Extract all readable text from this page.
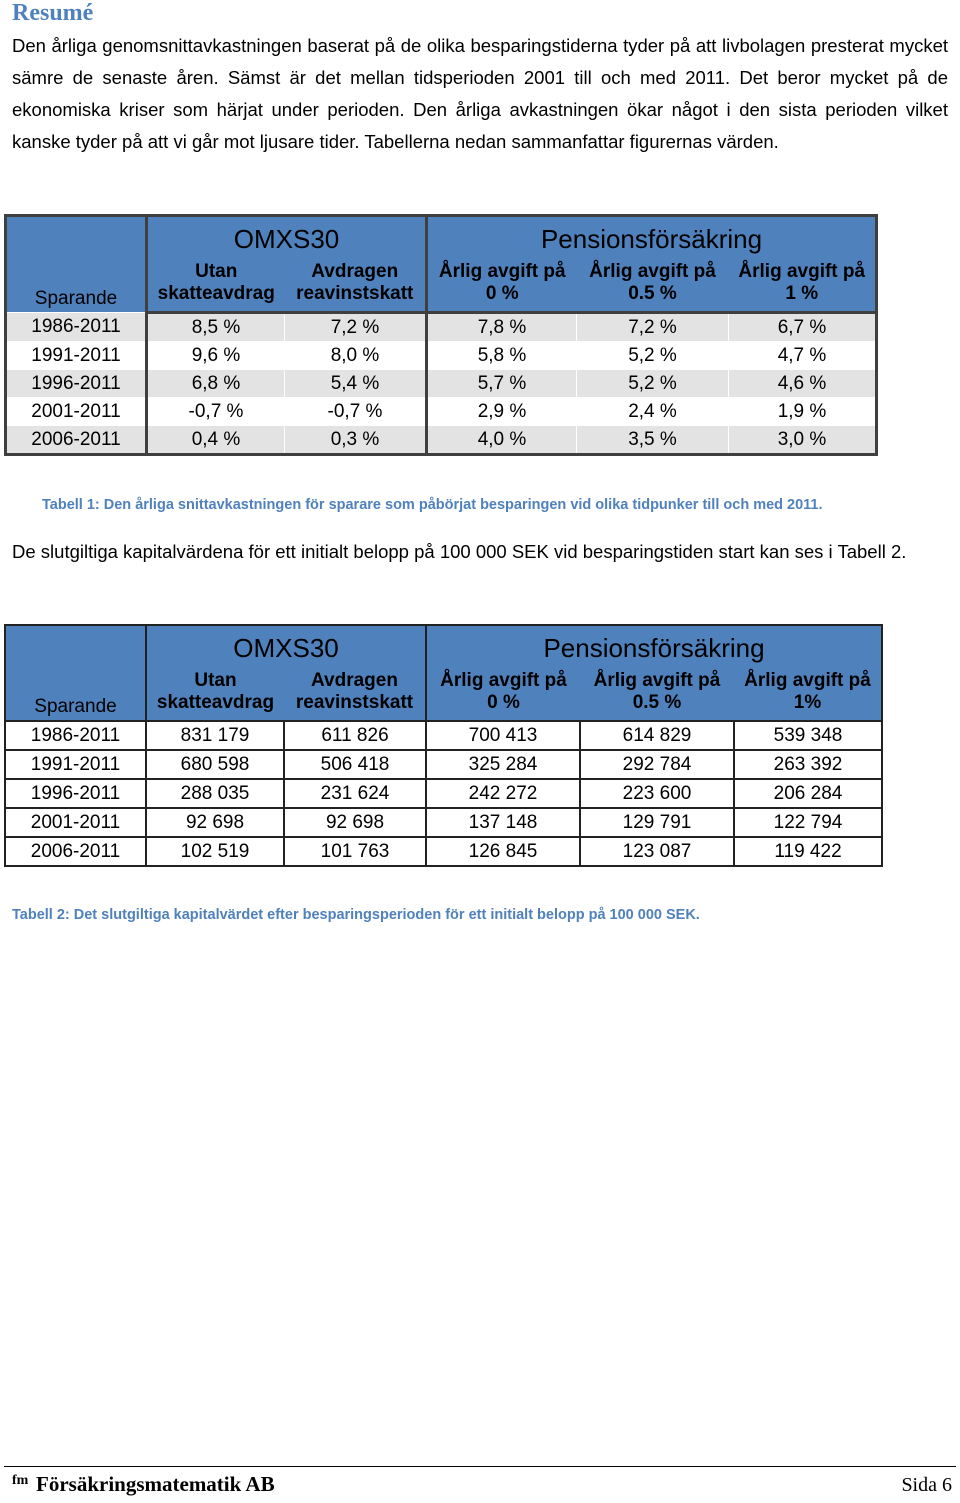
Resumé

Den årliga genomsnittavkastningen baserat på de olika besparingstiderna tyder på att livbolagen presterat mycket sämre de senaste åren. Sämst är det mellan tidsperioden 2001 till och med 2011. Det beror mycket på de ekonomiska kriser som härjat under perioden. Den årliga avkastningen ökar något i den sista perioden vilket kanske tyder på att vi går mot ljusare tider. Tabellerna nedan sammanfattar figurernas värden.

Sparande	OMXS30		Pensionsförsäkring		
	Utan	Avdragen	Årlig avgift på	Årlig avgift på	Årlig avgift på
	skatteavdrag	reavinstskatt	0 %	0.5 %	1 %
1986-2011	8,5 %	7,2 %	7,8 %	7,2 %	6,7 %
1991-2011	9,6 %	8,0 %	5,8 %	5,2 %	4,7 %
1996-2011	6,8 %	5,4 %	5,7 %	5,2 %	4,6 %
2001-2011	-0,7 %	-0,7 %	2,9 %	2,4 %	1,9 %
2006-2011	0,4 %	0,3 %	4,0 %	3,5 %	3,0 %
Tabell 1: Den årliga snittavkastningen för sparare som påbörjat besparingen vid olika tidpunker till och med 2011.

De slutgiltiga kapitalvärdena för ett initialt belopp på 100 000 SEK vid besparingstiden start kan ses i Tabell 2.

Sparande	OMXS30		Pensionsförsäkring		
	Utan	Avdragen	Årlig avgift på	Årlig avgift på	Årlig avgift på
	skatteavdrag	reavinstskatt	0 %	0.5 %	1%
1986-2011	831 179	611 826	700 413	614 829	539 348
1991-2011	680 598	506 418	325 284	292 784	263 392
1996-2011	288 035	231 624	242 272	223 600	206 284
2001-2011	92 698	92 698	137 148	129 791	122 794
2006-2011	102 519	101 763	126 845	123 087	119 422
Tabell 2: Det slutgiltiga kapitalvärdet efter besparingsperioden för ett initialt belopp på 100 000 SEK.
fm Försäkringsmatematik AB	Sida 6
